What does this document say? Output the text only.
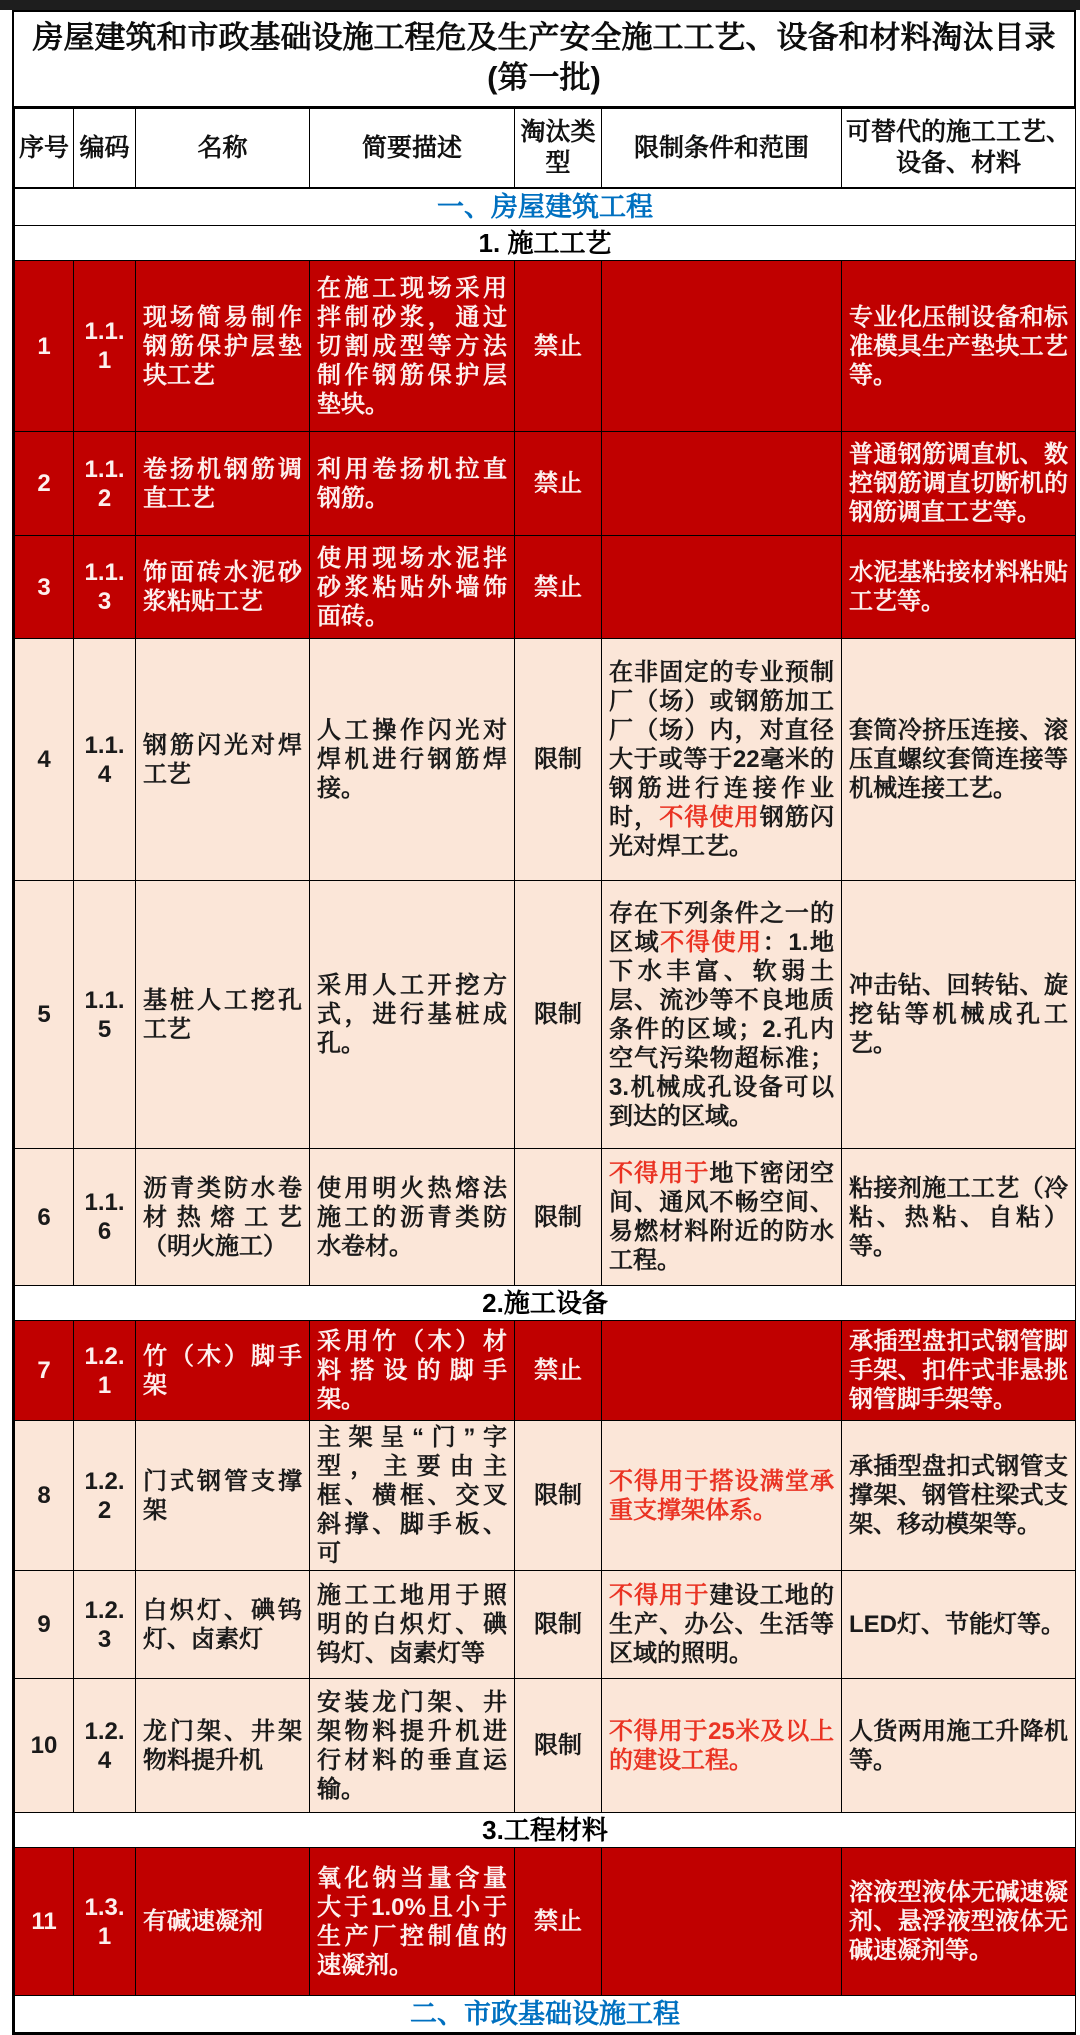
房屋建筑和市政基础设施工程危及生产安全施工工艺、设备和材料淘汰目录
(第一批)
序号	编码	名称	简要描述	淘汰类型	限制条件和范围	可替代的施工工艺、设备、材料
一、房屋建筑工程						
1. 施工工艺						
1	1.1.1	现场简易制作钢筋保护层垫块工艺	在施工现场采用拌制砂浆，通过切割成型等方法制作钢筋保护层垫块。	禁止		专业化压制设备和标准模具生产垫块工艺等。
2	1.1.2	卷扬机钢筋调直工艺	利用卷扬机拉直钢筋。	禁止		普通钢筋调直机、数控钢筋调直切断机的钢筋调直工艺等。
3	1.1.3	饰面砖水泥砂浆粘贴工艺	使用现场水泥拌砂浆粘贴外墙饰面砖。	禁止		水泥基粘接材料粘贴工艺等。
4	1.1.4	钢筋闪光对焊工艺	人工操作闪光对焊机进行钢筋焊接。	限制	在非固定的专业预制厂（场）或钢筋加工厂（场）内，对直径大于或等于22毫米的钢筋进行连接作业时，不得使用钢筋闪光对焊工艺。	套筒冷挤压连接、滚压直螺纹套筒连接等机械连接工艺。
5	1.1.5	基桩人工挖孔工艺	采用人工开挖方式，进行基桩成孔。	限制	存在下列条件之一的区域不得使用：1.地下水丰富、软弱土层、流沙等不良地质条件的区域；2.孔内空气污染物超标准；3.机械成孔设备可以到达的区域。	冲击钻、回转钻、旋挖钻等机械成孔工艺。
6	1.1.6	沥青类防水卷材热熔工艺（明火施工）	使用明火热熔法施工的沥青类防水卷材。	限制	不得用于地下密闭空间、通风不畅空间、易燃材料附近的防水工程。	粘接剂施工工艺（冷粘、热粘、自粘）等。
2.施工设备						
7	1.2.1	竹（木）脚手架	采用竹（木）材料搭设的脚手架。	禁止		承插型盘扣式钢管脚手架、扣件式非悬挑钢管脚手架等。
8	1.2.2	门式钢管支撑架	主架呈“门”字型，主要由主框、横框、交叉斜撑、脚手板、可	限制	不得用于搭设满堂承重支撑架体系。	承插型盘扣式钢管支撑架、钢管柱梁式支架、移动模架等。
9	1.2.3	白炽灯、碘钨灯、卤素灯	施工工地用于照明的白炽灯、碘钨灯、卤素灯等	限制	不得用于建设工地的生产、办公、生活等区域的照明。	LED灯、节能灯等。
10	1.2.4	龙门架、井架物料提升机	安装龙门架、井架物料提升机进行材料的垂直运输。	限制	不得用于25米及以上的建设工程。	人货两用施工升降机等。
3.工程材料						
11	1.3.1	有碱速凝剂	氧化钠当量含量大于1.0%且小于生产厂控制值的速凝剂。	禁止		溶液型液体无碱速凝剂、悬浮液型液体无碱速凝剂等。
二、市政基础设施工程						
